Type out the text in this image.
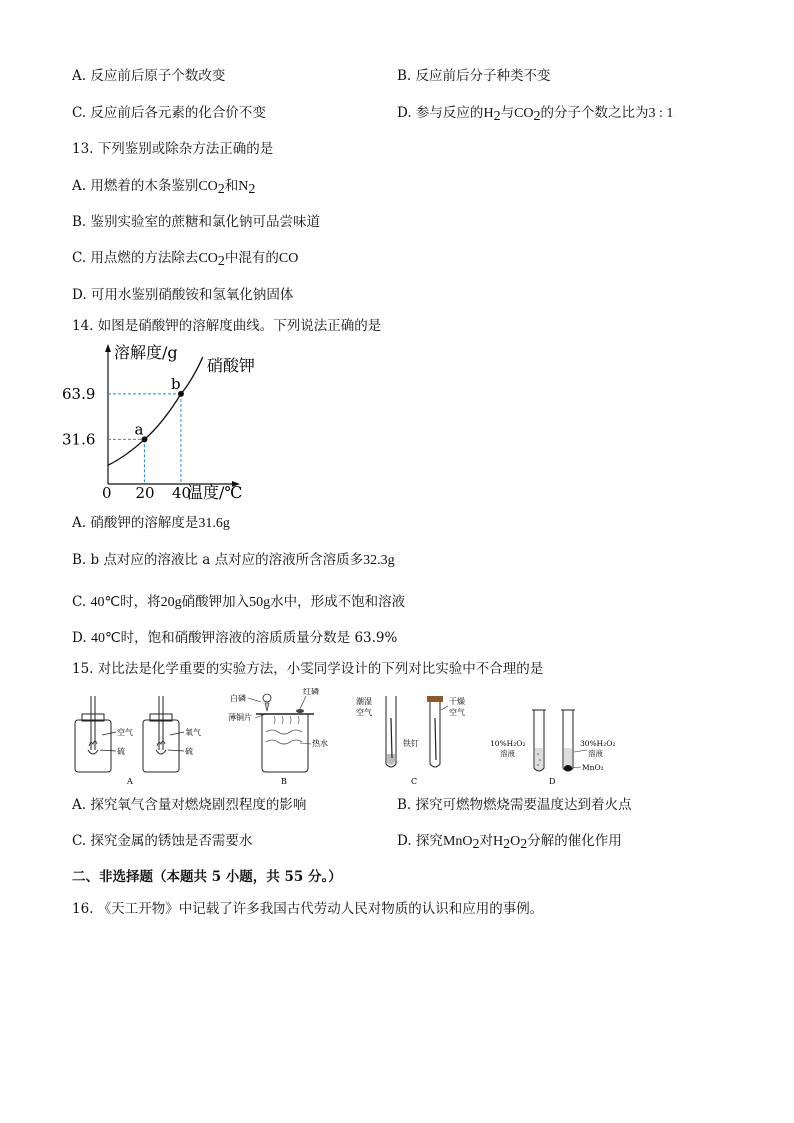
A. 反应前后原子个数改变	B. 反应前后分子种类不变
C. 反应前后各元素的化合价不变	D. 参与反应的H2与CO2的分子个数之比为3 : 1
13. 下列鉴别或除杂方法正确的是
A. 用燃着的木条鉴别CO2和N2
B. 鉴别实验室的蔗糖和氯化钠可品尝味道
C. 用点燃的方法除去CO2中混有的CO
D. 可用水鉴别硝酸铵和氢氧化钠固体
14. 如图是硝酸钾的溶解度曲线。下列说法正确的是
溶解度/g
温度/℃
0
硝酸钾
a
b
31.6
63.9
20 40
A. 硝酸钾的溶解度是31.6g
B. b 点对应的溶液比 a 点对应的溶液所含溶质多32.3g
C. 40℃时，将20g硝酸钾加入50g水中，形成不饱和溶液
D. 40℃时，饱和硝酸钾溶液的溶质质量分数是 63.9%
15. 对比法是化学重要的实验方法，小雯同学设计的下列对比实验中不合理的是
空气
硫
氧气
硫
A
白磷
红磷
薄铜片
热水
B
潮湿
空气
干燥
空气
铁钉
C
10%H₂O₂
溶液
30%H₂O₂
溶液
MnO₂
D
A. 探究氧气含量对燃烧剧烈程度的影响	B. 探究可燃物燃烧需要温度达到着火点
C. 探究金属的锈蚀是否需要水	D. 探究MnO2对H2O2分解的催化作用
二、非选择题（本题共 5 小题，共 55 分。）
16. 《天工开物》中记载了许多我国古代劳动人民对物质的认识和应用的事例。
